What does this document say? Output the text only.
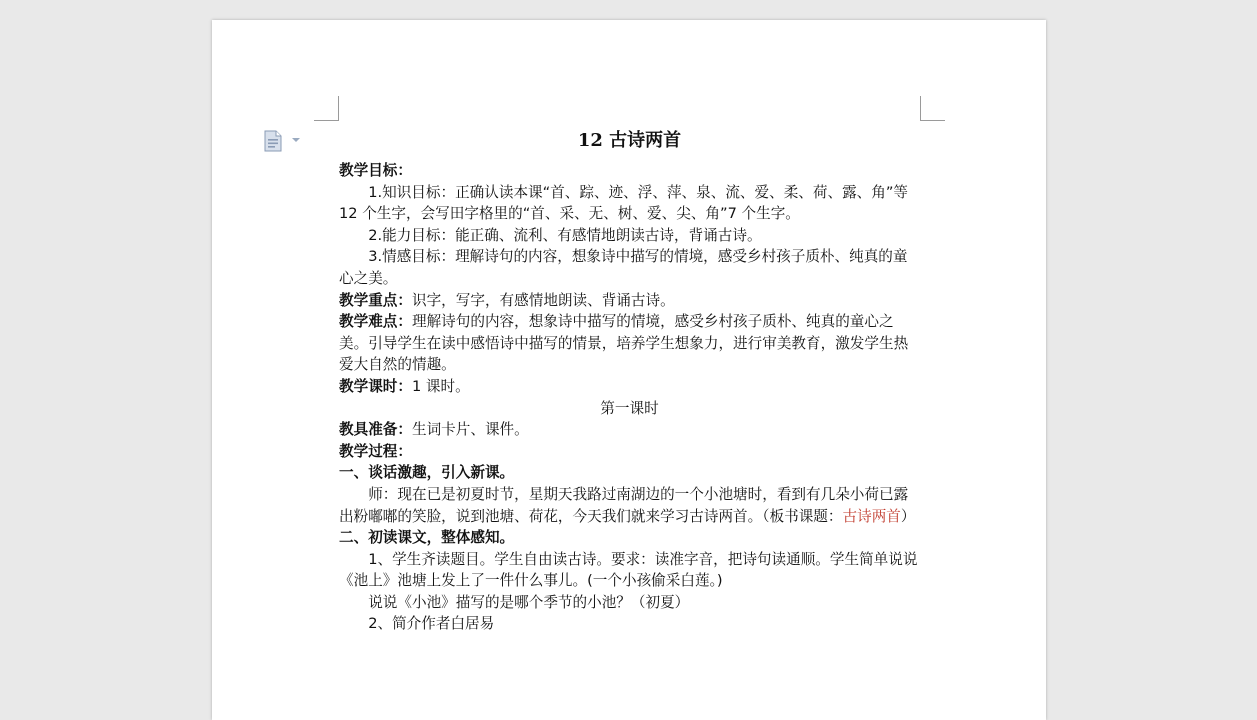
12 古诗两首

教学目标：

1.知识目标：正确认读本课“首、踪、迹、浮、萍、泉、流、爱、柔、荷、露、角”等 12 个生字，会写田字格里的“首、采、无、树、爱、尖、角”7 个生字。

2.能力目标：能正确、流利、有感情地朗读古诗，背诵古诗。

3.情感目标：理解诗句的内容，想象诗中描写的情境，感受乡村孩子质朴、纯真的童心之美。

教学重点：识字，写字，有感情地朗读、背诵古诗。

教学难点：理解诗句的内容，想象诗中描写的情境，感受乡村孩子质朴、纯真的童心之美。引导学生在读中感悟诗中描写的情景，培养学生想象力，进行审美教育，激发学生热爱大自然的情趣。

教学课时：1 课时。

第一课时

教具准备：生词卡片、课件。

教学过程：

一、谈话激趣，引入新课。

师：现在已是初夏时节，星期天我路过南湖边的一个小池塘时，看到有几朵小荷已露出粉嘟嘟的笑脸，说到池塘、荷花，今天我们就来学习古诗两首。（板书课题：古诗两首）

二、初读课文，整体感知。

1、学生齐读题目。学生自由读古诗。要求：读准字音，把诗句读通顺。学生简单说说《池上》池塘上发上了一件什么事儿。(一个小孩偷采白莲。)

说说《小池》描写的是哪个季节的小池？（初夏）

2、简介作者白居易
